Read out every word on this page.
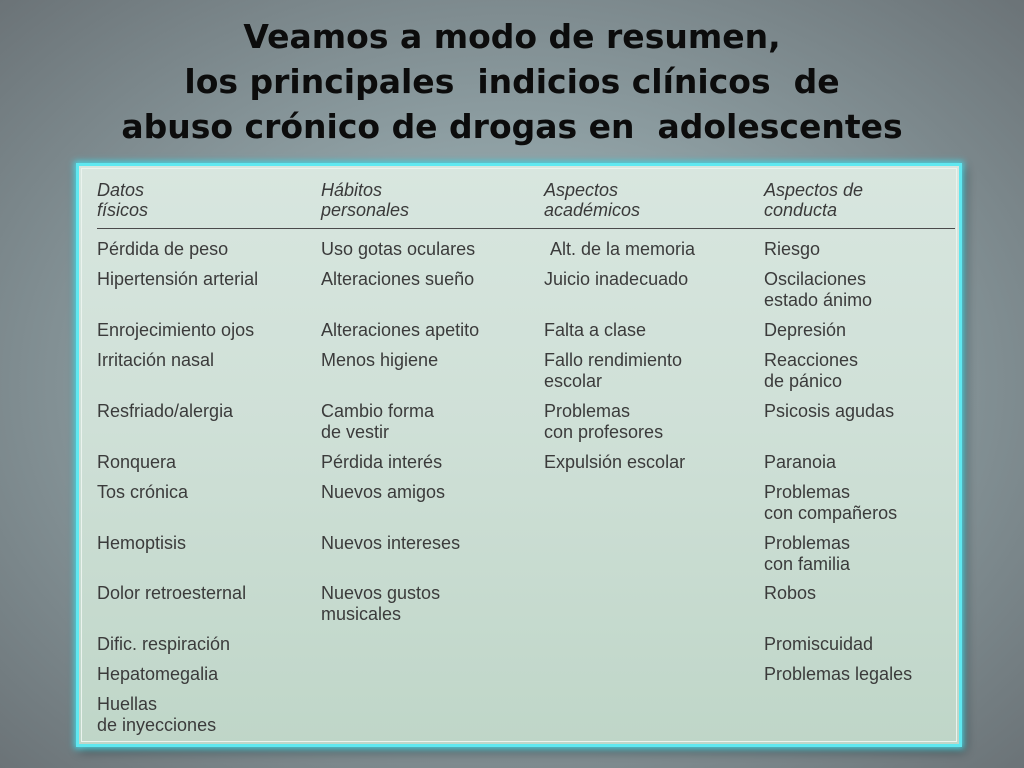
Veamos a modo de resumen,
los principales  indicios clínicos  de
abuso crónico de drogas en  adolescentes

Datos
físicos

Pérdida de peso

Hipertensión arterial

Enrojecimiento ojos

Irritación nasal

Resfriado/alergia

Ronquera

Tos crónica

Hemoptisis

Dolor retroesternal

Dific. respiración

Hepatomegalia

Huellas
de inyecciones

Hábitos
personales

Uso gotas oculares

Alteraciones sueño

Alteraciones apetito

Menos higiene

Cambio forma
de vestir

Pérdida interés

Nuevos amigos

Nuevos intereses

Nuevos gustos
musicales

Aspectos
académicos

Alt. de la memoria

Juicio inadecuado

Falta a clase

Fallo rendimiento
escolar

Problemas
con profesores

Expulsión escolar

Aspectos de
conducta

Riesgo

Oscilaciones
estado ánimo

Depresión

Reacciones
de pánico

Psicosis agudas

Paranoia

Problemas
con compañeros

Problemas
con familia

Robos

Promiscuidad

Problemas legales
